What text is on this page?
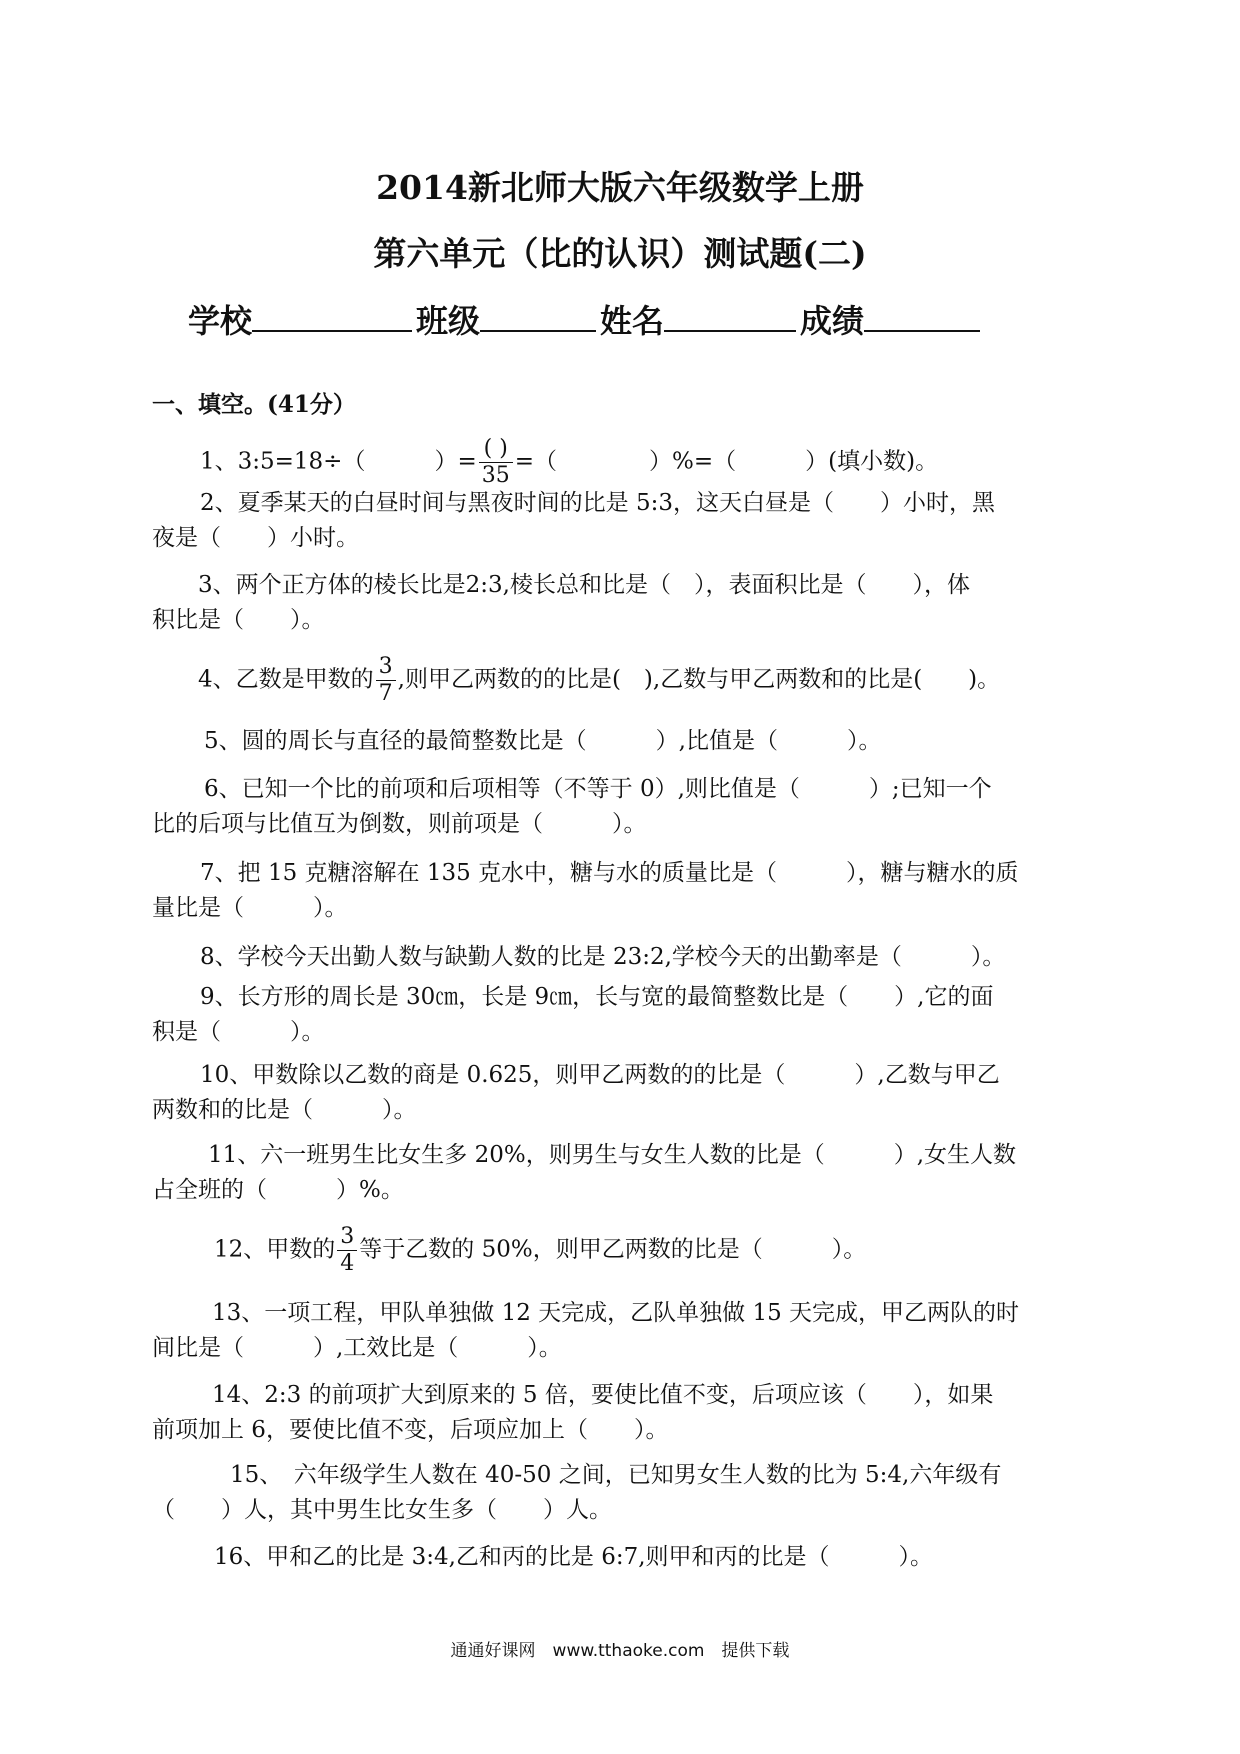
2014新北师大版六年级数学上册
第六单元（比的认识）测试题(二)
学校	班级	姓名	成绩
一、填空。(41分）
1、3:5=18÷（　　　）= $\frac{( )}{35}$ =（　　　　）%=（　　　）(填小数)。
2、夏季某天的白昼时间与黑夜时间的比是 5:3，这天白昼是（　　）小时，黑
夜是（　　）小时。
3、两个正方体的棱长比是2:3,棱长总和比是（　），表面积比是（　　），体
积比是（　　）。
4、乙数是甲数的 $\frac{3}{7}$ ,则甲乙两数的的比是(　),乙数与甲乙两数和的比是(　　)。
5、圆的周长与直径的最简整数比是（　　　）,比值是（　　　）。
6、已知一个比的前项和后项相等（不等于 0）,则比值是（　　　）;已知一个
比的后项与比值互为倒数，则前项是（　　　）。
7、把 15 克糖溶解在 135 克水中，糖与水的质量比是（　　　），糖与糖水的质
量比是（　　　）。
8、学校今天出勤人数与缺勤人数的比是 23:2,学校今天的出勤率是（　　　）。
9、长方形的周长是 30㎝，长是 9㎝，长与宽的最简整数比是（　　）,它的面
积是（　　　）。
10、甲数除以乙数的商是 0.625，则甲乙两数的的比是（　　　）,乙数与甲乙
两数和的比是（　　　）。
11、六一班男生比女生多 20%，则男生与女生人数的比是（　　　）,女生人数
占全班的（　　　）%。
12、甲数的 $\frac{3}{4}$ 等于乙数的 50%，则甲乙两数的比是（　　　）。
13、一项工程，甲队单独做 12 天完成，乙队单独做 15 天完成，甲乙两队的时
间比是（　　　）,工效比是（　　　）。
14、2:3 的前项扩大到原来的 5 倍，要使比值不变，后项应该（　　），如果
前项加上 6，要使比值不变，后项应加上（　　）。
15、　六年级学生人数在 40-50 之间，已知男女生人数的比为 5:4,六年级有
（　　）人，其中男生比女生多（　　）人。
16、甲和乙的比是 3:4,乙和丙的比是 6:7,则甲和丙的比是（　　　）。
通通好课网　www.tthaoke.com　提供下载
